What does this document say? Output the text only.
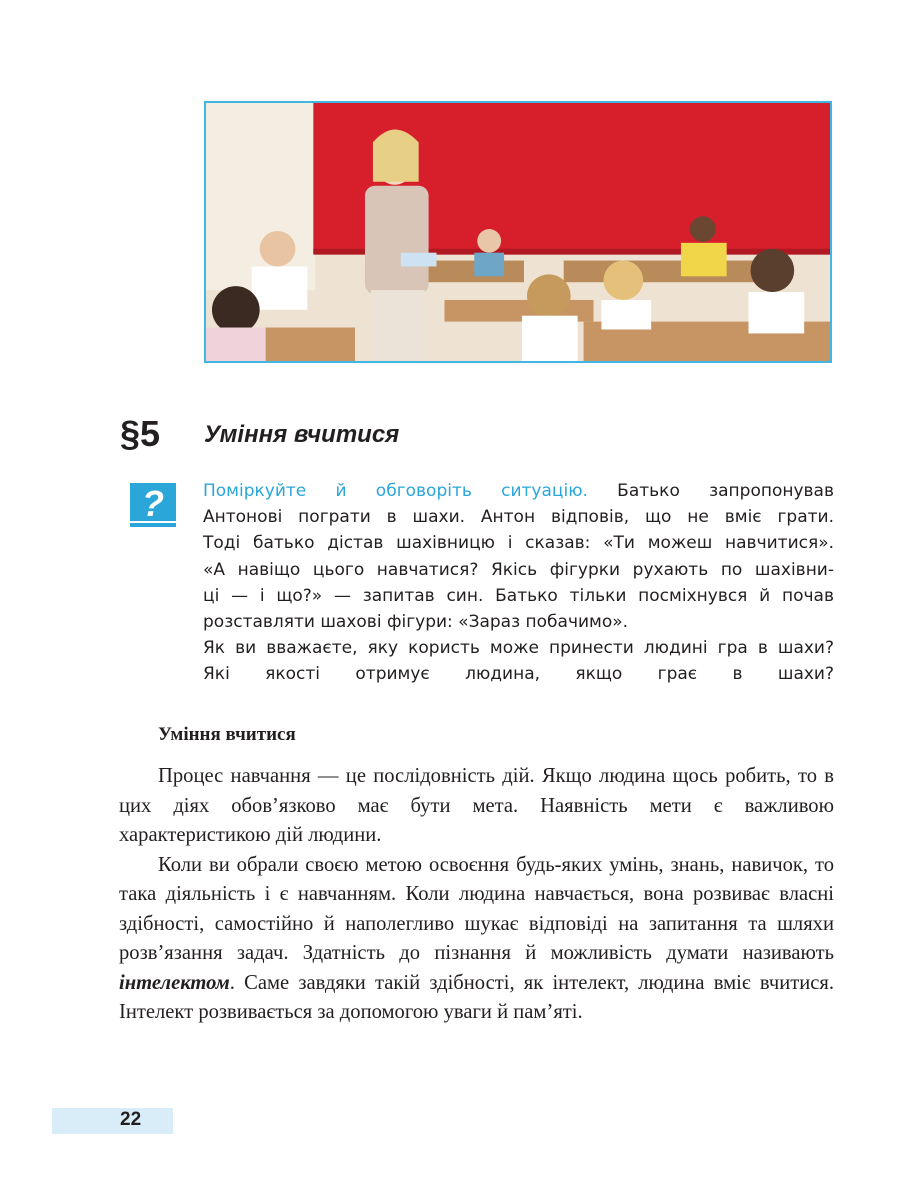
§5 Уміння вчитися
? Поміркуйте й обговоріть ситуацію. Батько запропонував

Антонові пограти в шахи. Антон відповів, що не вміє грати.

Тоді батько дістав шахівницю і сказав: «Ти можеш навчитися».

«А навіщо цього навчатися? Якісь фігурки рухають по шахівни-

ці — і що?» — запитав син. Батько тільки посміхнувся й почав

розставляти шахові фігури: «Зараз побачимо».

Як ви вважаєте, яку користь може принести людині гра в шахи?

Які якості отримує людина, якщо грає в шахи?

Уміння вчитися

Процес навчання — це послідовність дій. Якщо людина щось робить, то в цих діях обов’язково має бути мета. Наявність мети є важливою характеристикою дій людини.

Коли ви обрали своєю метою освоєння будь-яких умінь, знань, навичок, то така діяльність і є навчанням. Коли людина навчається, вона розвиває власні здібності, самостійно й наполегливо шукає відповіді на запитання та шляхи розв’язання задач. Здатність до пізнання й можливість думати називають інтелектом. Саме завдяки такій здібності, як інтелект, людина вміє вчитися. Інтелект розвивається за допомогою уваги й пам’яті.

22
